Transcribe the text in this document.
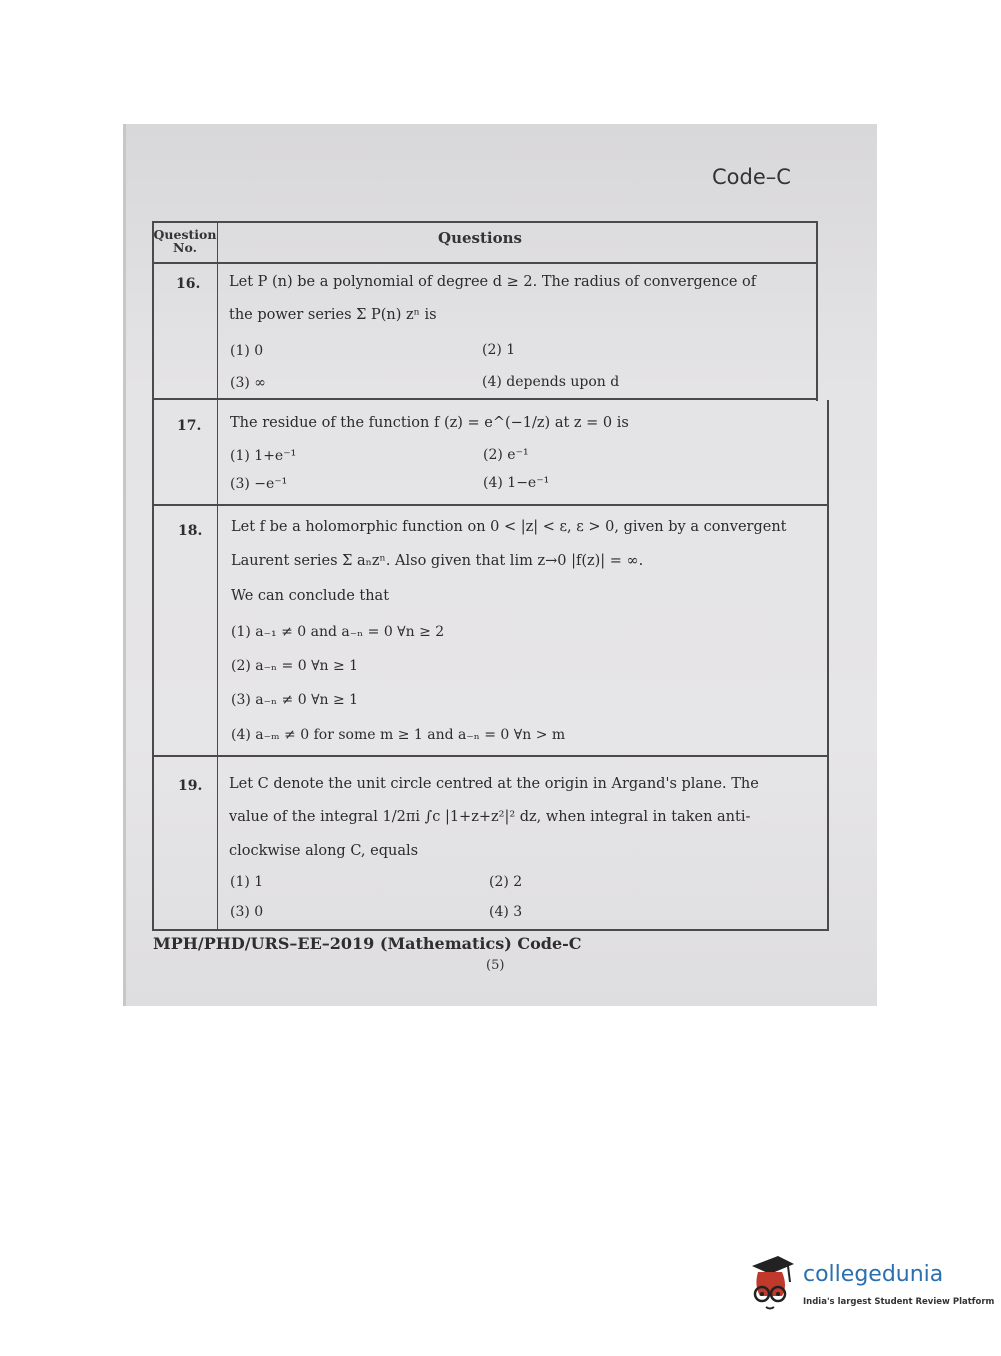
Code–C
Question
No.
Questions
16. Let P (n) be a polynomial of degree d ≥ 2. The radius of convergence of
the power series Σ P(n) zⁿ is
(1) 0	(2) 1
(3) ∞	(4) depends upon d
17. The residue of the function f (z) = e^(−1/z) at z = 0 is
(1) 1+e⁻¹	(2) e⁻¹
(3) −e⁻¹	(4) 1−e⁻¹
18. Let f be a holomorphic function on 0 < |z| < ε, ε > 0, given by a convergent
Laurent series Σ aₙzⁿ. Also given that lim z→0 |f(z)| = ∞.
We can conclude that
(1) a₋₁ ≠ 0 and a₋ₙ = 0 ∀n ≥ 2
(2) a₋ₙ = 0 ∀n ≥ 1
(3) a₋ₙ ≠ 0 ∀n ≥ 1
(4) a₋ₘ ≠ 0 for some m ≥ 1 and a₋ₙ = 0 ∀n > m
19. Let C denote the unit circle centred at the origin in Argand's plane. The
value of the integral 1/2πi ∫c |1+z+z²|² dz, when integral in taken anti-
clockwise along C, equals
(1) 1	(2) 2
(3) 0	(4) 3
MPH/PHD/URS–EE–2019 (Mathematics) Code-C
(5)
collegedunia
India's largest Student Review Platform
